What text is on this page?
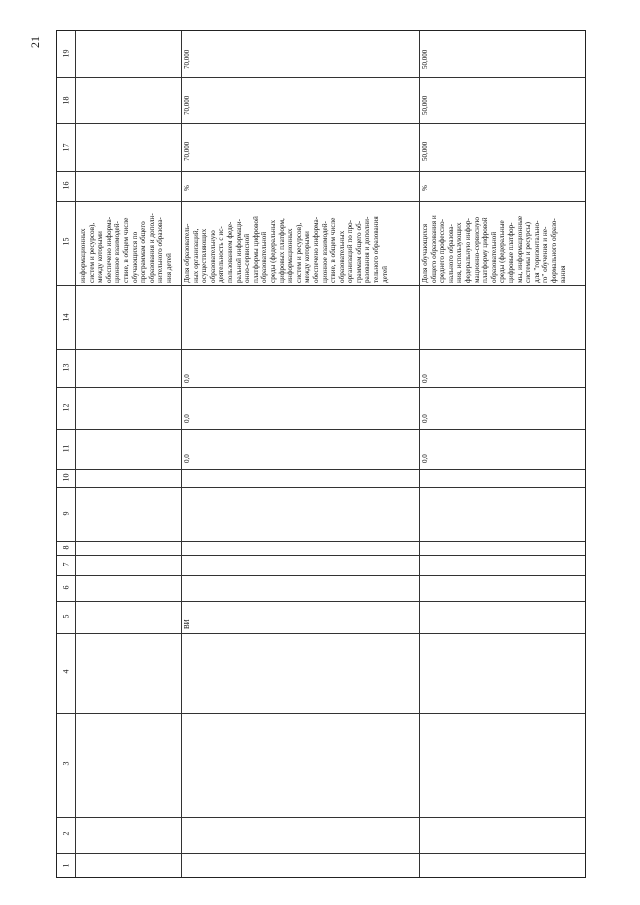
21
19
18
17
16
15
14
13
12
11
10
9
8
7
6
5
4
3
2
1
информационных
систем и ресурсов),
между которыми
обеспечено информа-
ционное взаимодей-
ствие, в общем числе
обучающихся по
программам общего
образования и дополн-
нительного образова-
ния детей
ВИ
0,0
0,0
0,0
Доля образователь-
ных организаций,
осуществляющих
образовательную
деятельность с ис-
пользованием феде-
ральной информаци-
онно-сервисной
платформы цифровой
образовательной
среды (федеральных
цифровых платформ,
информационных
систем и ресурсов),
между которыми
обеспечено информа-
ционное взаимодей-
ствие, в общем числе
образовательных
организаций по про-
граммам общего об-
разования и дополни-
тельного образования
детей
%
70,000
70,000
70,000
0,0
0,0
0,0
Доля обучающихся
общего образования и
среднего профессио-
нального образова-
ния, использующих
федеральную инфор-
мационно-сервисную
платформу цифровой
образовательной
среды (федеральные
цифровые платфор-
мы, информационные
системы и ресурсы)
для "горизонтально-
го" обучения и не-
формального образо-
вания
%
50,000
50,000
50,000
